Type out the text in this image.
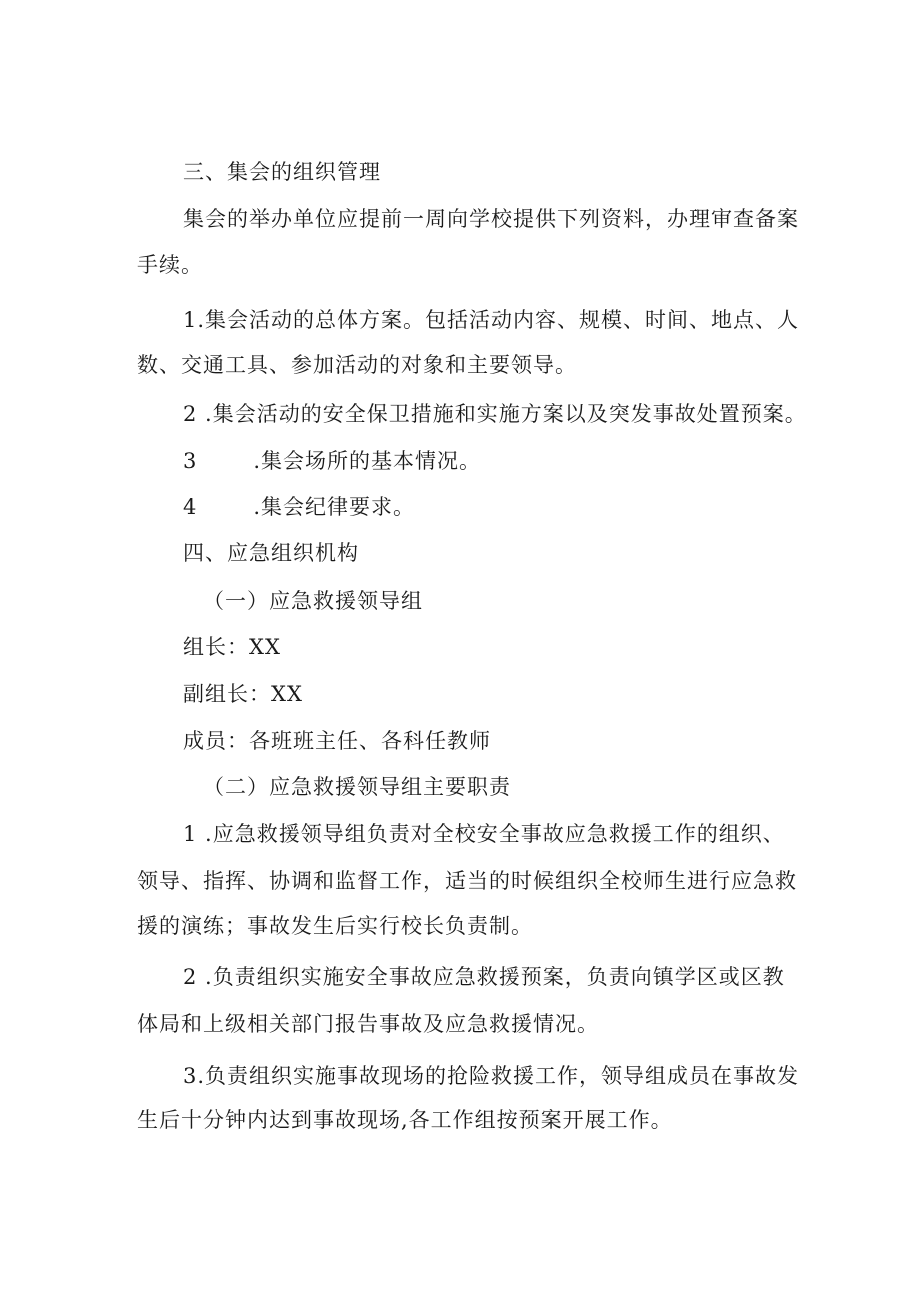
三、集会的组织管理
集会的举办单位应提前一周向学校提供下列资料，办理审查备案
手续。
1.集会活动的总体方案。包括活动内容、规模、时间、地点、人
数、交通工具、参加活动的对象和主要领导。
2 .集会活动的安全保卫措施和实施方案以及突发事故处置预案。
3	.集会场所的基本情况。
4	.集会纪律要求。
四、应急组织机构
（一）应急救援领导组
组长：XX
副组长：XX
成员：各班班主任、各科任教师
（二）应急救援领导组主要职责
1 .应急救援领导组负责对全校安全事故应急救援工作的组织、
领导、指挥、协调和监督工作，适当的时候组织全校师生进行应急救
援的演练；事故发生后实行校长负责制。
2 .负责组织实施安全事故应急救援预案，负责向镇学区或区教
体局和上级相关部门报告事故及应急救援情况。
3.负责组织实施事故现场的抢险救援工作，领导组成员在事故发
生后十分钟内达到事故现场,各工作组按预案开展工作。
